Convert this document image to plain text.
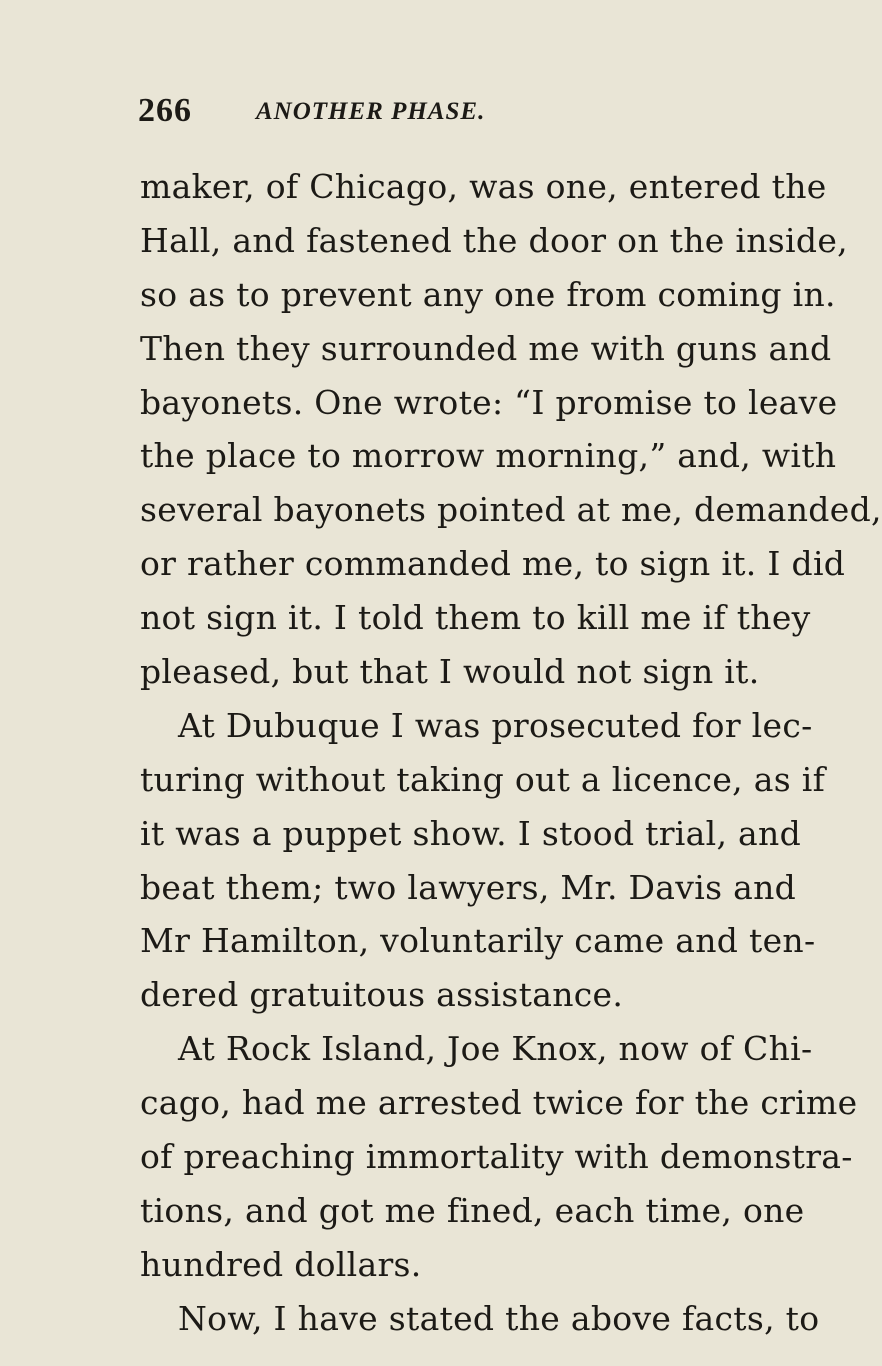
266	ANOTHER PHASE.
maker, of Chicago, was one, entered the
Hall, and fastened the door on the inside,
so as to prevent any one from coming in.
Then they surrounded me with guns and
bayonets. One wrote: “I promise to leave
the place to morrow morning,” and, with
several bayonets pointed at me, demanded,
or rather commanded me, to sign it. I did
not sign it. I told them to kill me if they
pleased, but that I would not sign it.
At Dubuque I was prosecuted for lec-
turing without taking out a licence, as if
it was a puppet show. I stood trial, and
beat them; two lawyers, Mr. Davis and
Mr Hamilton, voluntarily came and ten-
dered gratuitous assistance.
At Rock Island, Joe Knox, now of Chi-
cago, had me arrested twice for the crime
of preaching immortality with demonstra-
tions, and got me fined, each time, one
hundred dollars.
Now, I have stated the above facts, to
